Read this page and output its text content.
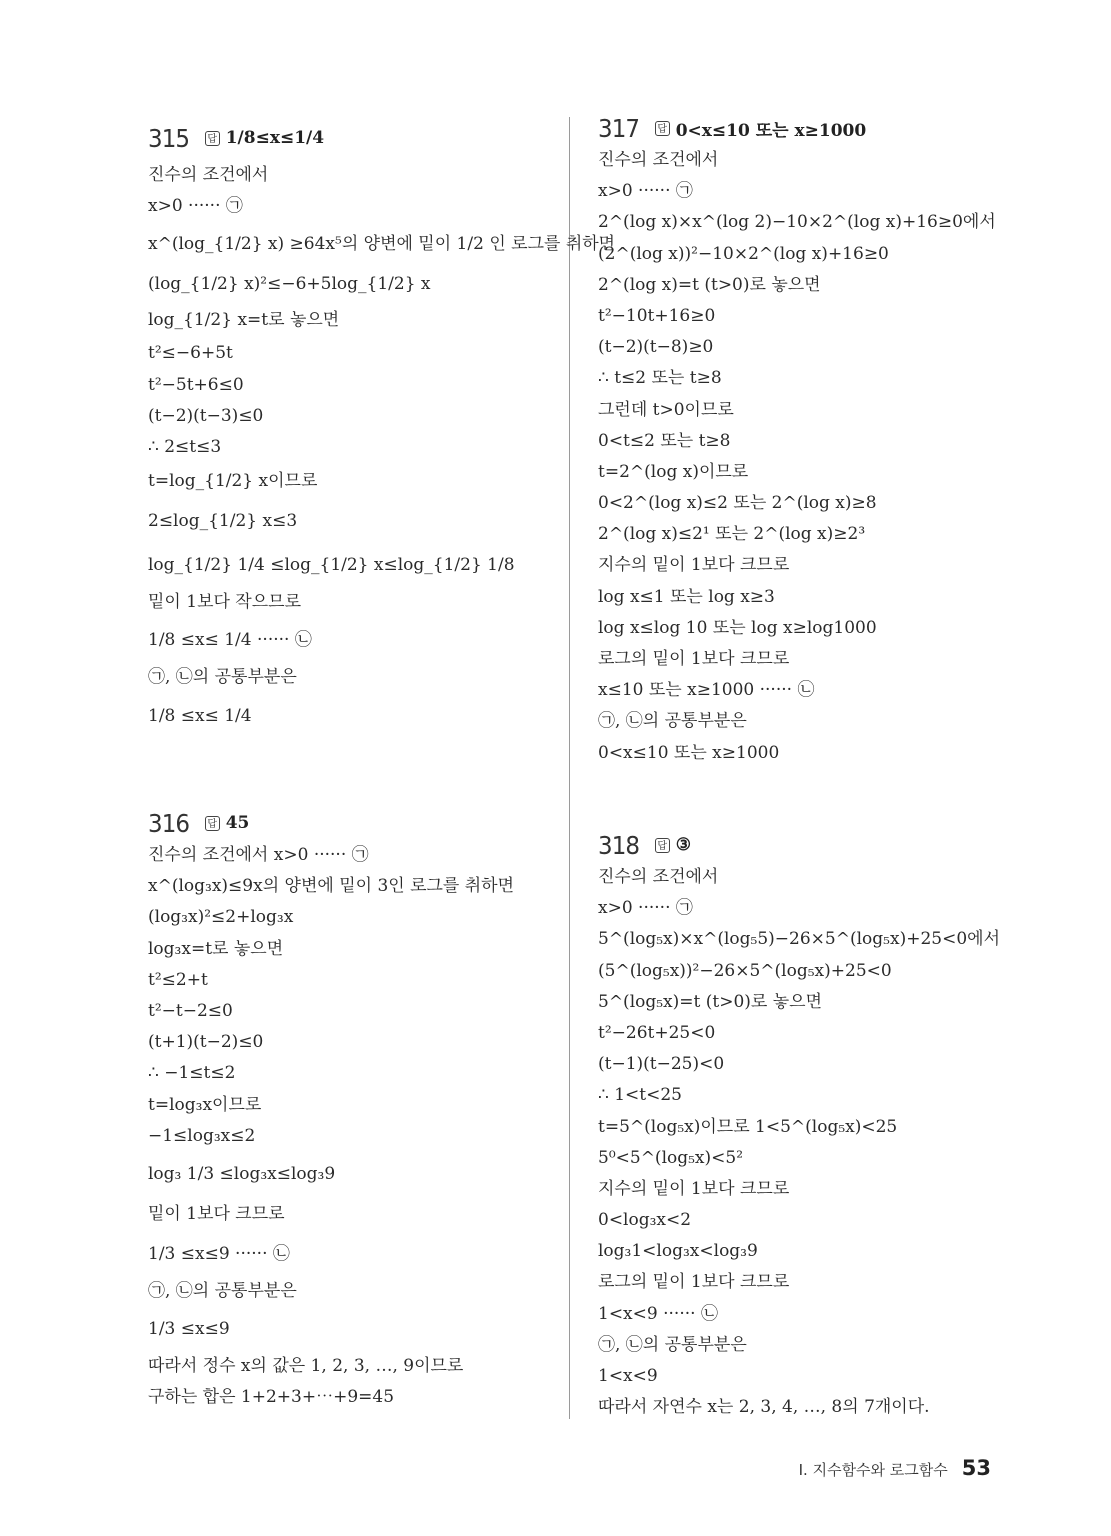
315 답 1/8≤x≤1/4
진수의 조건에서
x>0 ······ ㉠
x^(log_{1/2} x) ≥64x⁵의 양변에 밑이 1/2 인 로그를 취하면
(log_{1/2} x)²≤−6+5log_{1/2} x
log_{1/2} x=t로 놓으면
t²≤−6+5t
t²−5t+6≤0
(t−2)(t−3)≤0
∴ 2≤t≤3
t=log_{1/2} x이므로
2≤log_{1/2} x≤3
log_{1/2} 1/4 ≤log_{1/2} x≤log_{1/2} 1/8
밑이 1보다 작으므로
1/8 ≤x≤ 1/4 ······ ㉡
㉠, ㉡의 공통부분은
1/8 ≤x≤ 1/4
316 답 45
진수의 조건에서 x>0 ······ ㉠
x^(log₃x)≤9x의 양변에 밑이 3인 로그를 취하면
(log₃x)²≤2+log₃x
log₃x=t로 놓으면
t²≤2+t
t²−t−2≤0
(t+1)(t−2)≤0
∴ −1≤t≤2
t=log₃x이므로
−1≤log₃x≤2
log₃ 1/3 ≤log₃x≤log₃9
밑이 1보다 크므로
1/3 ≤x≤9 ······ ㉡
㉠, ㉡의 공통부분은
1/3 ≤x≤9
따라서 정수 x의 값은 1, 2, 3, …, 9이므로
구하는 합은 1+2+3+⋯+9=45
317 답 0<x≤10 또는 x≥1000
진수의 조건에서
x>0 ······ ㉠
2^(log x)×x^(log 2)−10×2^(log x)+16≥0에서
(2^(log x))²−10×2^(log x)+16≥0
2^(log x)=t (t>0)로 놓으면
t²−10t+16≥0
(t−2)(t−8)≥0
∴ t≤2 또는 t≥8
그런데 t>0이므로
0<t≤2 또는 t≥8
t=2^(log x)이므로
0<2^(log x)≤2 또는 2^(log x)≥8
2^(log x)≤2¹ 또는 2^(log x)≥2³
지수의 밑이 1보다 크므로
log x≤1 또는 log x≥3
log x≤log 10 또는 log x≥log1000
로그의 밑이 1보다 크므로
x≤10 또는 x≥1000 ······ ㉡
㉠, ㉡의 공통부분은
0<x≤10 또는 x≥1000
318 답 ③
진수의 조건에서
x>0 ······ ㉠
5^(log₅x)×x^(log₅5)−26×5^(log₅x)+25<0에서
(5^(log₅x))²−26×5^(log₅x)+25<0
5^(log₅x)=t (t>0)로 놓으면
t²−26t+25<0
(t−1)(t−25)<0
∴ 1<t<25
t=5^(log₅x)이므로 1<5^(log₅x)<25
5⁰<5^(log₅x)<5²
지수의 밑이 1보다 크므로
0<log₃x<2
log₃1<log₃x<log₃9
로그의 밑이 1보다 크므로
1<x<9 ······ ㉡
㉠, ㉡의 공통부분은
1<x<9
따라서 자연수 x는 2, 3, 4, …, 8의 7개이다.
I. 지수함수와 로그함수 53
